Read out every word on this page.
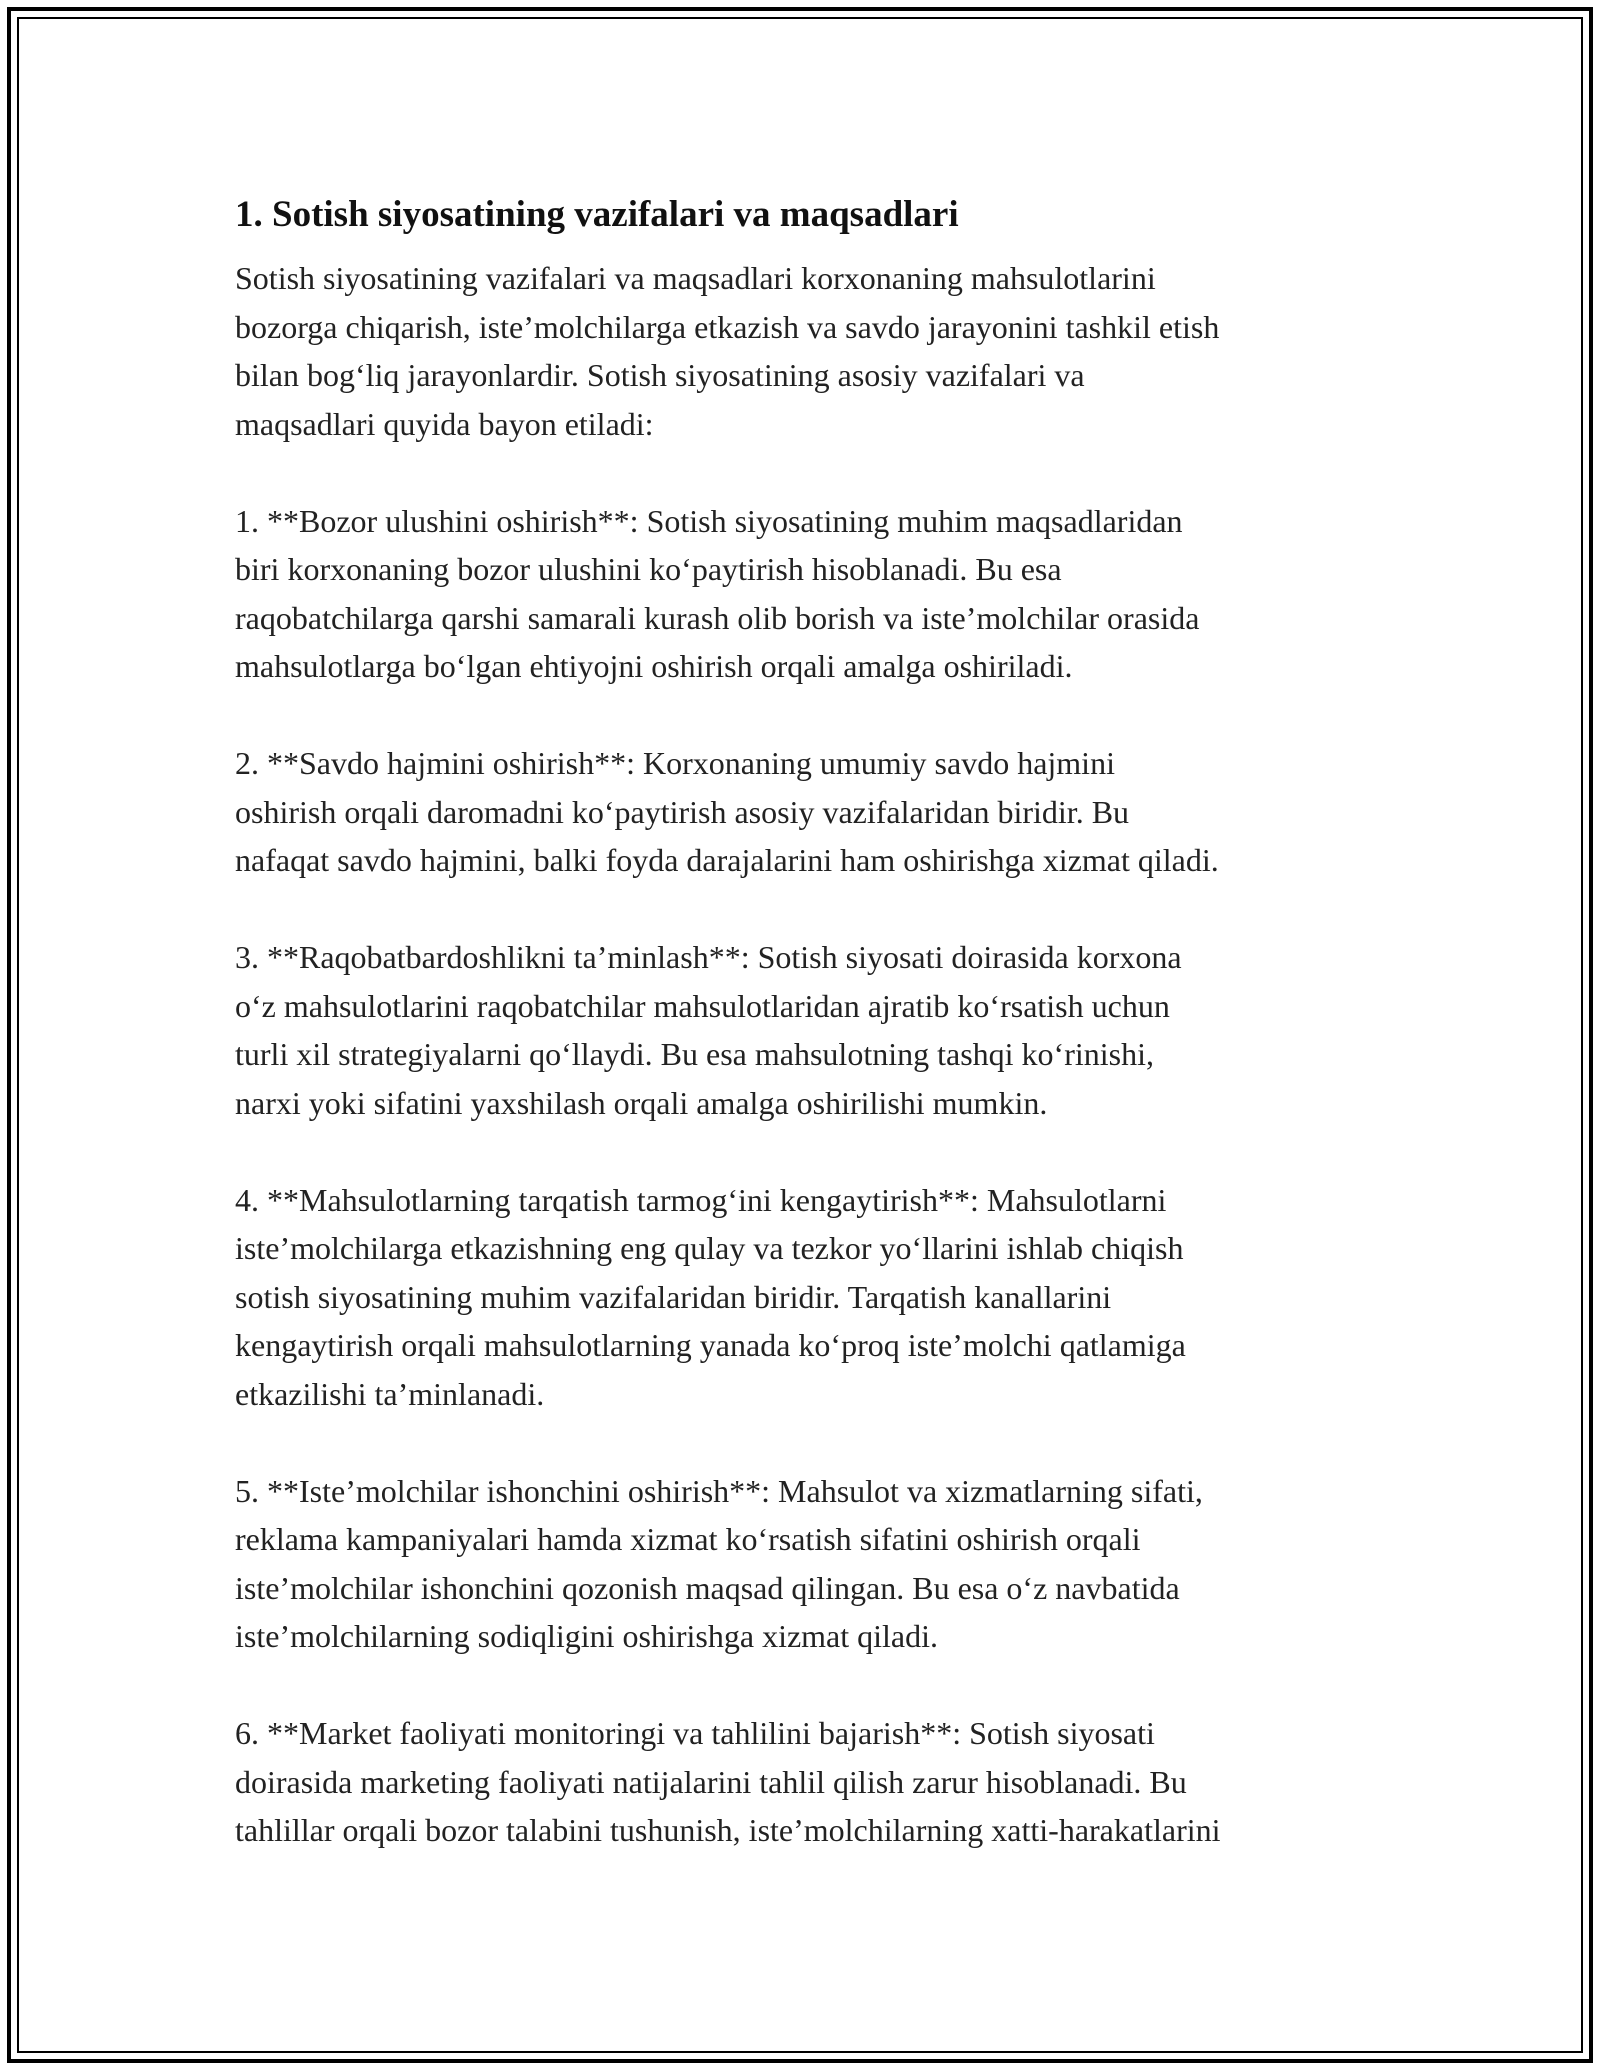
1. Sotish siyosatining vazifalari va maqsadlari

Sotish siyosatining vazifalari va maqsadlari korxonaning mahsulotlarini
bozorga chiqarish, iste’molchilarga etkazish va savdo jarayonini tashkil etish
bilan bog‘liq jarayonlardir. Sotish siyosatining asosiy vazifalari va
maqsadlari quyida bayon etiladi:

1. **Bozor ulushini oshirish**: Sotish siyosatining muhim maqsadlaridan
biri korxonaning bozor ulushini ko‘paytirish hisoblanadi. Bu esa
raqobatchilarga qarshi samarali kurash olib borish va iste’molchilar orasida
mahsulotlarga bo‘lgan ehtiyojni oshirish orqali amalga oshiriladi.

2. **Savdo hajmini oshirish**: Korxonaning umumiy savdo hajmini
oshirish orqali daromadni ko‘paytirish asosiy vazifalaridan biridir. Bu
nafaqat savdo hajmini, balki foyda darajalarini ham oshirishga xizmat qiladi.

3. **Raqobatbardoshlikni ta’minlash**: Sotish siyosati doirasida korxona
o‘z mahsulotlarini raqobatchilar mahsulotlaridan ajratib ko‘rsatish uchun
turli xil strategiyalarni qo‘llaydi. Bu esa mahsulotning tashqi ko‘rinishi,
narxi yoki sifatini yaxshilash orqali amalga oshirilishi mumkin.

4. **Mahsulotlarning tarqatish tarmog‘ini kengaytirish**: Mahsulotlarni
iste’molchilarga etkazishning eng qulay va tezkor yo‘llarini ishlab chiqish
sotish siyosatining muhim vazifalaridan biridir. Tarqatish kanallarini
kengaytirish orqali mahsulotlarning yanada ko‘proq iste’molchi qatlamiga
etkazilishi ta’minlanadi.

5. **Iste’molchilar ishonchini oshirish**: Mahsulot va xizmatlarning sifati,
reklama kampaniyalari hamda xizmat ko‘rsatish sifatini oshirish orqali
iste’molchilar ishonchini qozonish maqsad qilingan. Bu esa o‘z navbatida
iste’molchilarning sodiqligini oshirishga xizmat qiladi.

6. **Market faoliyati monitoringi va tahlilini bajarish**: Sotish siyosati
doirasida marketing faoliyati natijalarini tahlil qilish zarur hisoblanadi. Bu
tahlillar orqali bozor talabini tushunish, iste’molchilarning xatti-harakatlarini
